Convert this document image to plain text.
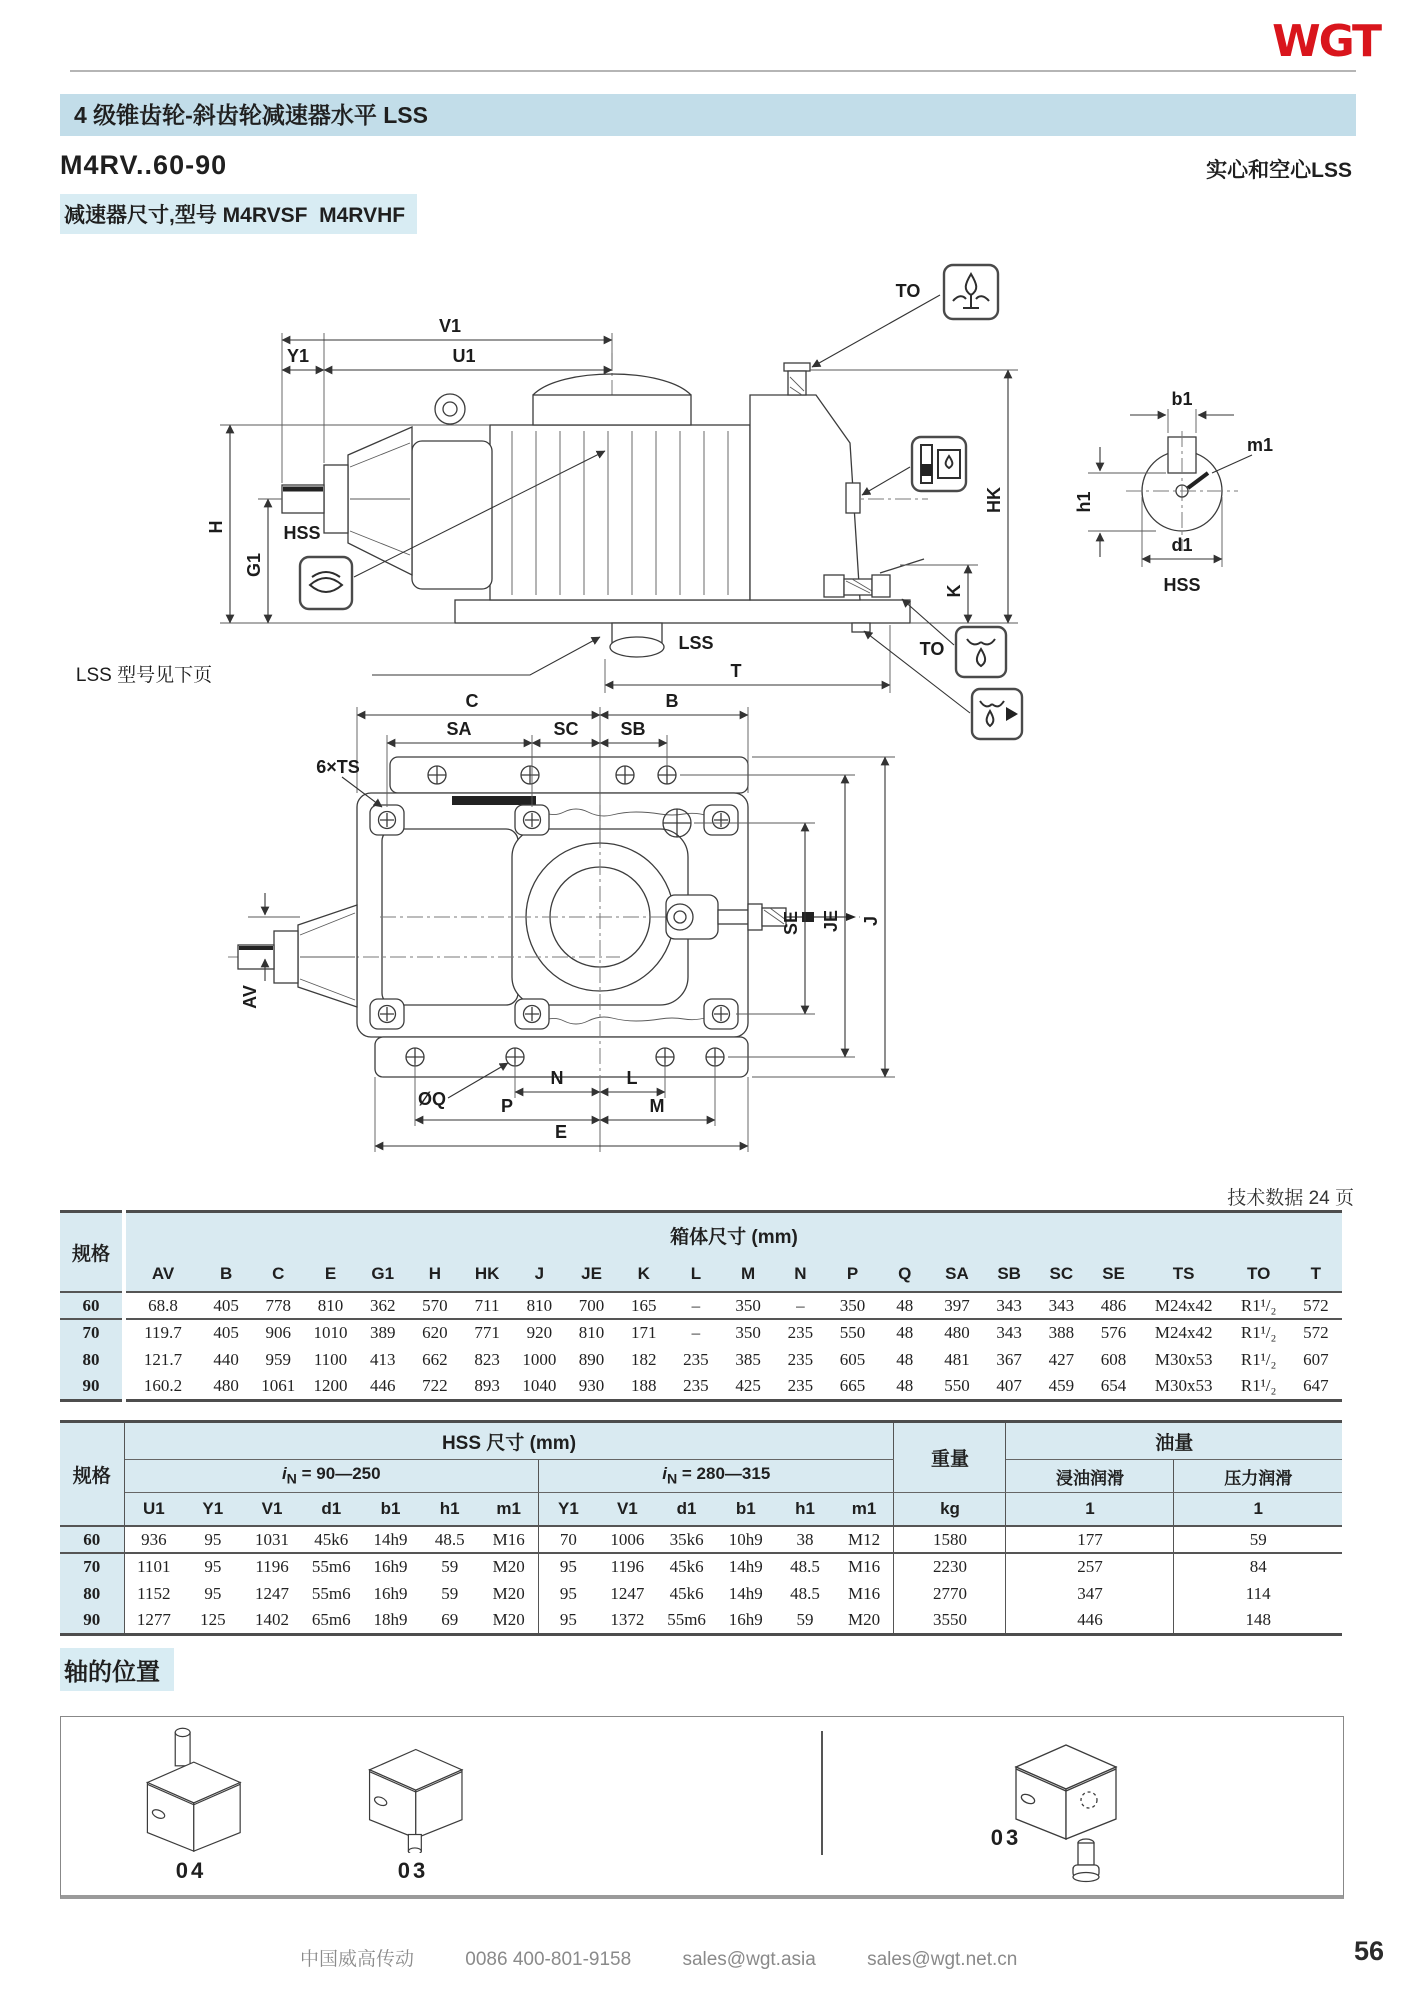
WGT
4 级锥齿轮-斜齿轮减速器水平 LSS
M4RV..60-90	实心和空心LSS
减速器尺寸,型号 M4RVSF  M4RVHF
V1
Y1	U1
H
G1
HSS
HK
K
T
LSS
TO
TO
LSS 型号见下页
b1
m1
h1
d1
HSS
C	B
SA	SC SB
6×TS
AV
SE JE J
ØQ
N	L
P	M
E
技术数据 24 页
规格	箱体尺寸 (mm)																					
	AV	B	C	E	G1	H	HK	J	JE	K	L	M	N	P	Q	SA	SB	SC	SE	TS	TO	T
60	68.8	405	778	810	362	570	711	810	700	165	–	350	–	350	48	397	343	343	486	M24x42	R1¹/₂	572
70	119.7	405	906	1010	389	620	771	920	810	171	–	350	235	550	48	480	343	388	576	M24x42	R1¹/₂	572
80	121.7	440	959	1100	413	662	823	1000	890	182	235	385	235	605	48	481	367	427	608	M30x53	R1¹/₂	607
90	160.2	480	1061	1200	446	722	893	1040	930	188	235	425	235	665	48	550	407	459	654	M30x53	R1¹/₂	647
规格	HSS 尺寸 (mm)													重量	油量	
	$i_N$ = 90—250							$i_N$ = 280—315							浸油润滑	压力润滑
	U1	Y1	V1	d1	b1	h1	m1	Y1	V1	d1	b1	h1	m1	kg	1	1
60	936	95	1031	45k6	14h9	48.5	M16	70	1006	35k6	10h9	38	M12	1580	177	59
70	1101	95	1196	55m6	16h9	59	M20	95	1196	45k6	14h9	48.5	M16	2230	257	84
80	1152	95	1247	55m6	16h9	59	M20	95	1247	45k6	14h9	48.5	M16	2770	347	114
90	1277	125	1402	65m6	18h9	69	M20	95	1372	55m6	16h9	59	M20	3550	446	148
轴的位置
04	03
03
中国威高传动	0086 400-801-9158	sales@wgt.asia	sales@wgt.net.cn	56
